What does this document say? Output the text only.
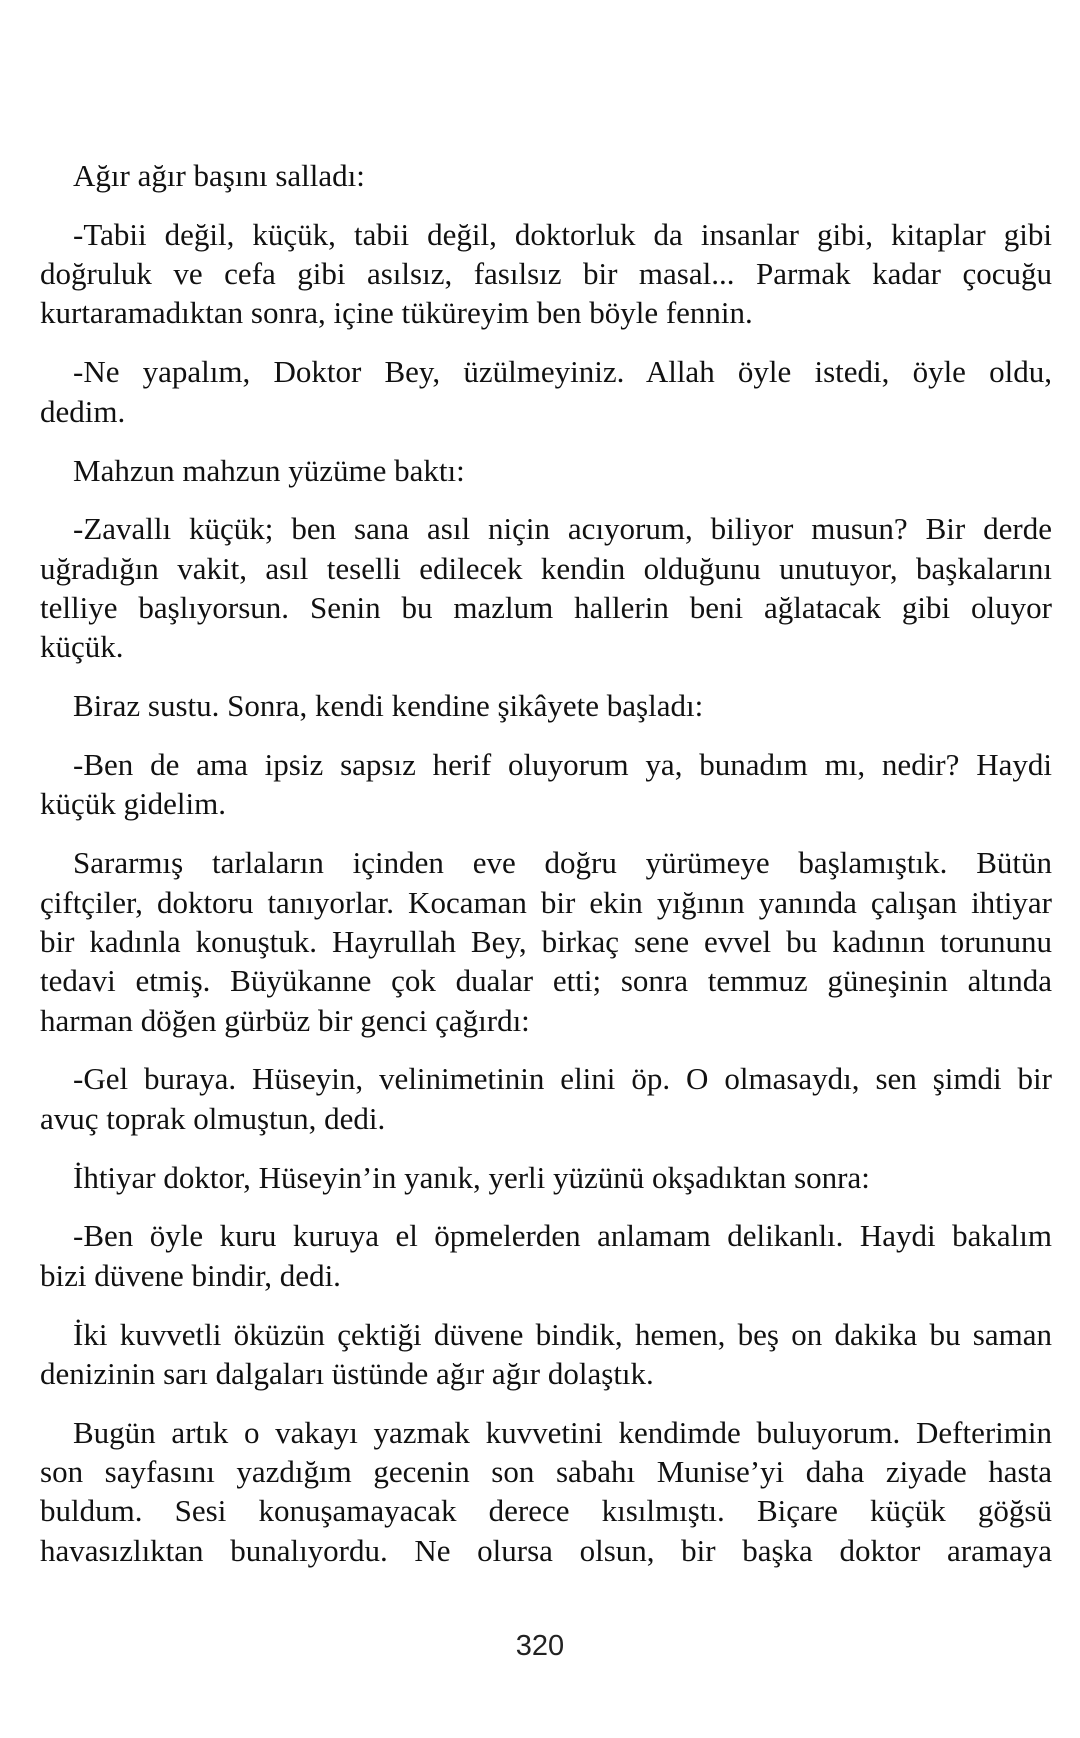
Ağır ağır başını salladı:
-Tabii değil, küçük, tabii değil, doktorluk da insanlar gibi, kitaplar gibi
doğruluk ve cefa gibi asılsız, fasılsız bir masal... Parmak kadar çocuğu
kurtaramadıktan sonra, içine tüküreyim ben böyle fennin.
-Ne yapalım, Doktor Bey, üzülmeyiniz. Allah öyle istedi, öyle oldu,
dedim.
Mahzun mahzun yüzüme baktı:
-Zavallı küçük; ben sana asıl niçin acıyorum, biliyor musun? Bir derde
uğradığın vakit, asıl teselli edilecek kendin olduğunu unutuyor, başkalarını
telliye başlıyorsun. Senin bu mazlum hallerin beni ağlatacak gibi oluyor
küçük.
Biraz sustu. Sonra, kendi kendine şikâyete başladı:
-Ben de ama ipsiz sapsız herif oluyorum ya, bunadım mı, nedir? Haydi
küçük gidelim.
Sararmış tarlaların içinden eve doğru yürümeye başlamıştık. Bütün
çiftçiler, doktoru tanıyorlar. Kocaman bir ekin yığının yanında çalışan ihtiyar
bir kadınla konuştuk. Hayrullah Bey, birkaç sene evvel bu kadının torununu
tedavi etmiş. Büyükanne çok dualar etti; sonra temmuz güneşinin altında
harman döğen gürbüz bir genci çağırdı:
-Gel buraya. Hüseyin, velinimetinin elini öp. O olmasaydı, sen şimdi bir
avuç toprak olmuştun, dedi.
İhtiyar doktor, Hüseyin’in yanık, yerli yüzünü okşadıktan sonra:
-Ben öyle kuru kuruya el öpmelerden anlamam delikanlı. Haydi bakalım
bizi düvene bindir, dedi.
İki kuvvetli öküzün çektiği düvene bindik, hemen, beş on dakika bu saman
denizinin sarı dalgaları üstünde ağır ağır dolaştık.
Bugün artık o vakayı yazmak kuvvetini kendimde buluyorum. Defterimin
son sayfasını yazdığım gecenin son sabahı Munise’yi daha ziyade hasta
buldum. Sesi konuşamayacak derece kısılmıştı. Biçare küçük göğsü
havasızlıktan bunalıyordu. Ne olursa olsun, bir başka doktor aramaya
320
